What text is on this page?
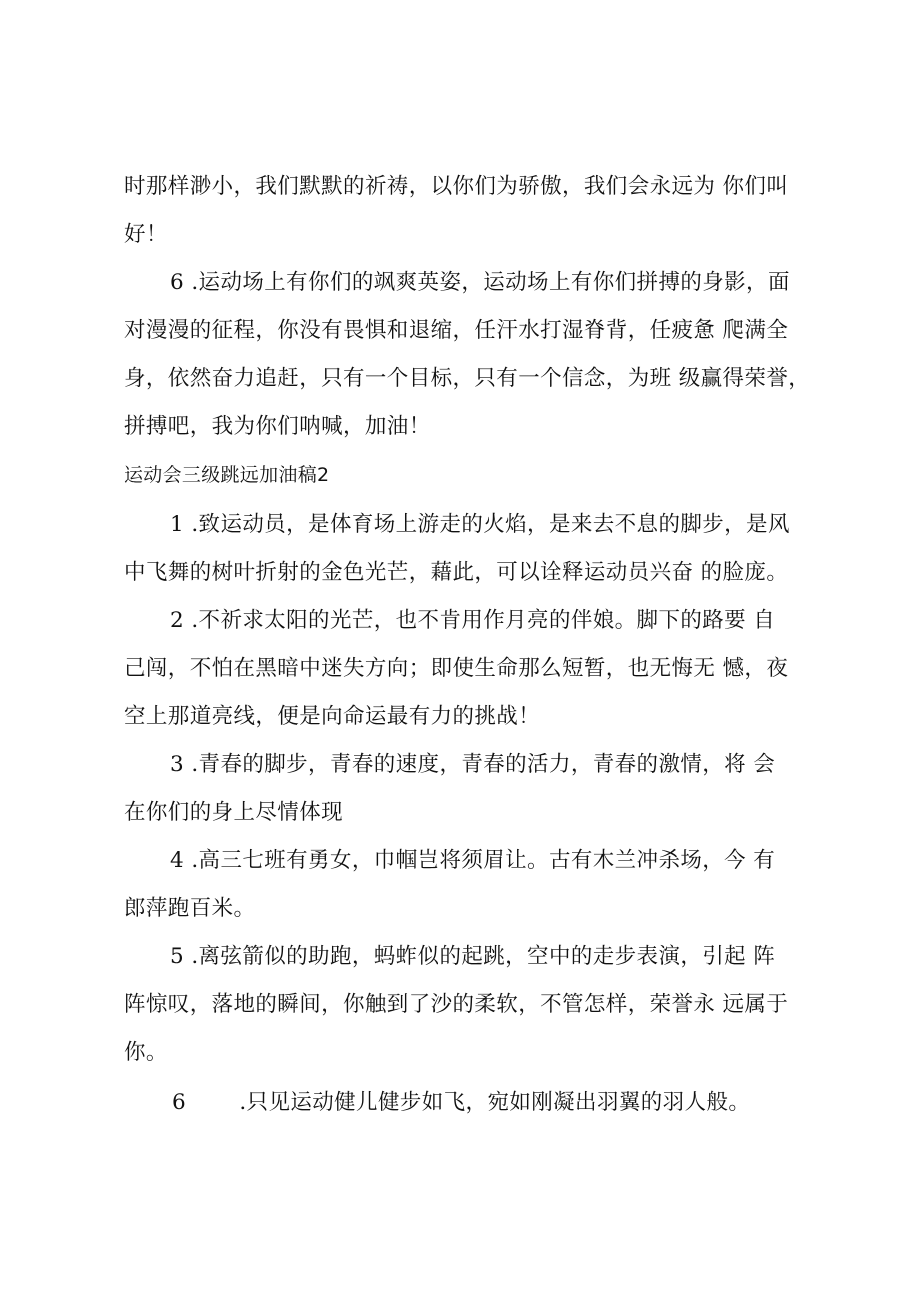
时那样渺小，我们默默的祈祷，以你们为骄傲，我们会永远为 你们叫
好！
6 .运动场上有你们的飒爽英姿，运动场上有你们拼搏的身影，面
对漫漫的征程，你没有畏惧和退缩，任汗水打湿脊背，任疲惫 爬满全
身，依然奋力追赶，只有一个目标，只有一个信念，为班 级赢得荣誉，
拼搏吧，我为你们呐喊，加油！
运动会三级跳远加油稿2
1 .致运动员，是体育场上游走的火焰，是来去不息的脚步，是风
中飞舞的树叶折射的金色光芒，藉此，可以诠释运动员兴奋 的脸庞。
2 .不祈求太阳的光芒，也不肯用作月亮的伴娘。脚下的路要 自
己闯，不怕在黑暗中迷失方向；即使生命那么短暂，也无悔无 憾，夜
空上那道亮线，便是向命运最有力的挑战！
3 .青春的脚步，青春的速度，青春的活力，青春的激情，将 会
在你们的身上尽情体现
4 .高三七班有勇女，巾帼岂将须眉让。古有木兰冲杀场，今 有
郎萍跑百米。
5 .离弦箭似的助跑，蚂蚱似的起跳，空中的走步表演，引起 阵
阵惊叹，落地的瞬间，你触到了沙的柔软，不管怎样，荣誉永 远属于
你。
6 .只见运动健儿健步如飞，宛如刚凝出羽翼的羽人般。
